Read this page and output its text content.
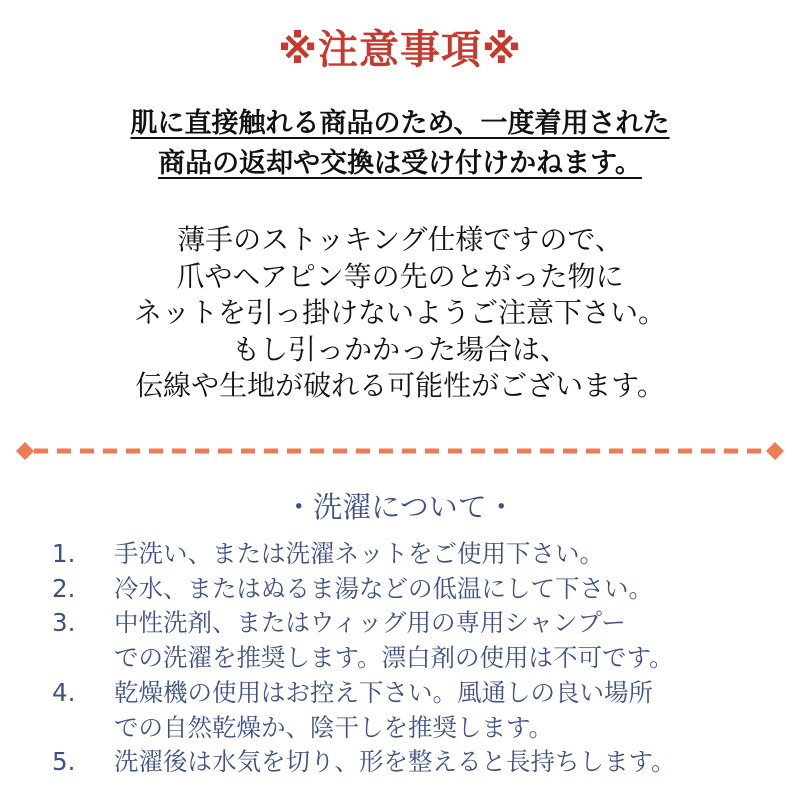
※注意事項※
肌に直接触れる商品のため、一度着用された
商品の返却や交換は受け付けかねます。
薄手のストッキング仕様ですので、
爪やヘアピン等の先のとがった物に
ネットを引っ掛けないようご注意下さい。
もし引っかかった場合は、
伝線や生地が破れる可能性がございます。
・洗濯について・
1.	手洗い、または洗濯ネットをご使用下さい。
2.	冷水、またはぬるま湯などの低温にして下さい。
3.	中性洗剤、またはウィッグ用の専用シャンプー
での洗濯を推奨します。漂白剤の使用は不可です。
4.	乾燥機の使用はお控え下さい。風通しの良い場所
での自然乾燥か、陰干しを推奨します。
5.	洗濯後は水気を切り、形を整えると長持ちします。
